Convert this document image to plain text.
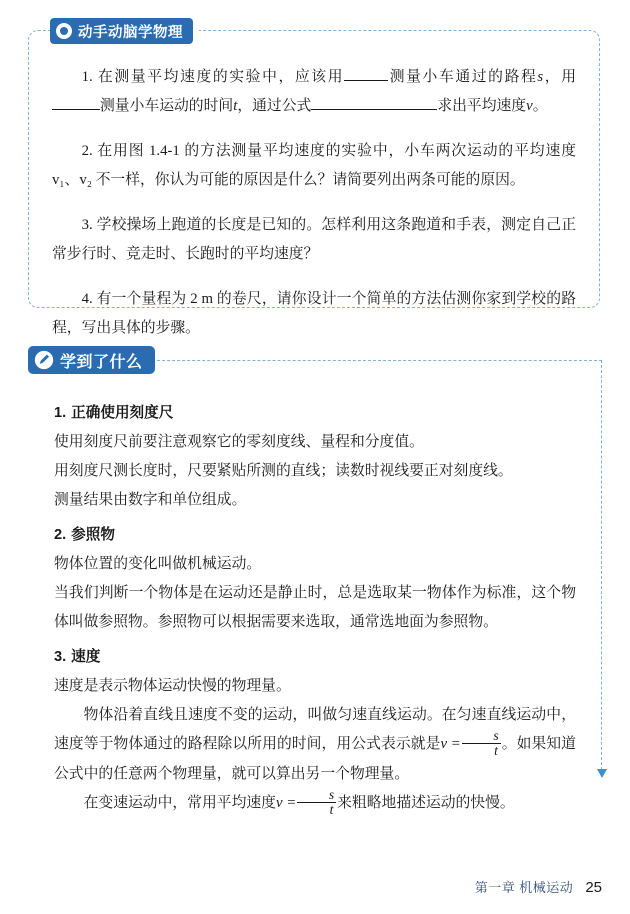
动手动脑学物理

1. 在测量平均速度的实验中，应该用	测量小车通过的路程s，用测量小车运动的时间t，通过公式	求出平均速度v。

2. 在用图 1.4-1 的方法测量平均速度的实验中，小车两次运动的平均速度 v₁、v₂ 不一样，你认为可能的原因是什么？请简要列出两条可能的原因。

3. 学校操场上跑道的长度是已知的。怎样利用这条跑道和手表，测定自己正常步行时、竞走时、长跑时的平均速度？

4. 有一个量程为 2 m 的卷尺，请你设计一个简单的方法估测你家到学校的路程，写出具体的步骤。

学到了什么
1. 正确使用刻度尺

使用刻度尺前要注意观察它的零刻度线、量程和分度值。

用刻度尺测长度时，尺要紧贴所测的直线；读数时视线要正对刻度线。

测量结果由数字和单位组成。

2. 参照物

物体位置的变化叫做机械运动。

当我们判断一个物体是在运动还是静止时，总是选取某一物体作为标准，这个物体叫做参照物。参照物可以根据需要来选取，通常选地面为参照物。

3. 速度

速度是表示物体运动快慢的物理量。

物体沿着直线且速度不变的运动，叫做匀速直线运动。在匀速直线运动中，速度等于物体通过的路程除以所用的时间，用公式表示就是$v = \frac{s}{t}$ 。如果知道公式中的任意两个物理量，就可以算出另一个物理量。

在变速运动中，常用平均速度$v = \frac{s}{t}$ 来粗略地描述运动的快慢。

第一章 机械运动 25
